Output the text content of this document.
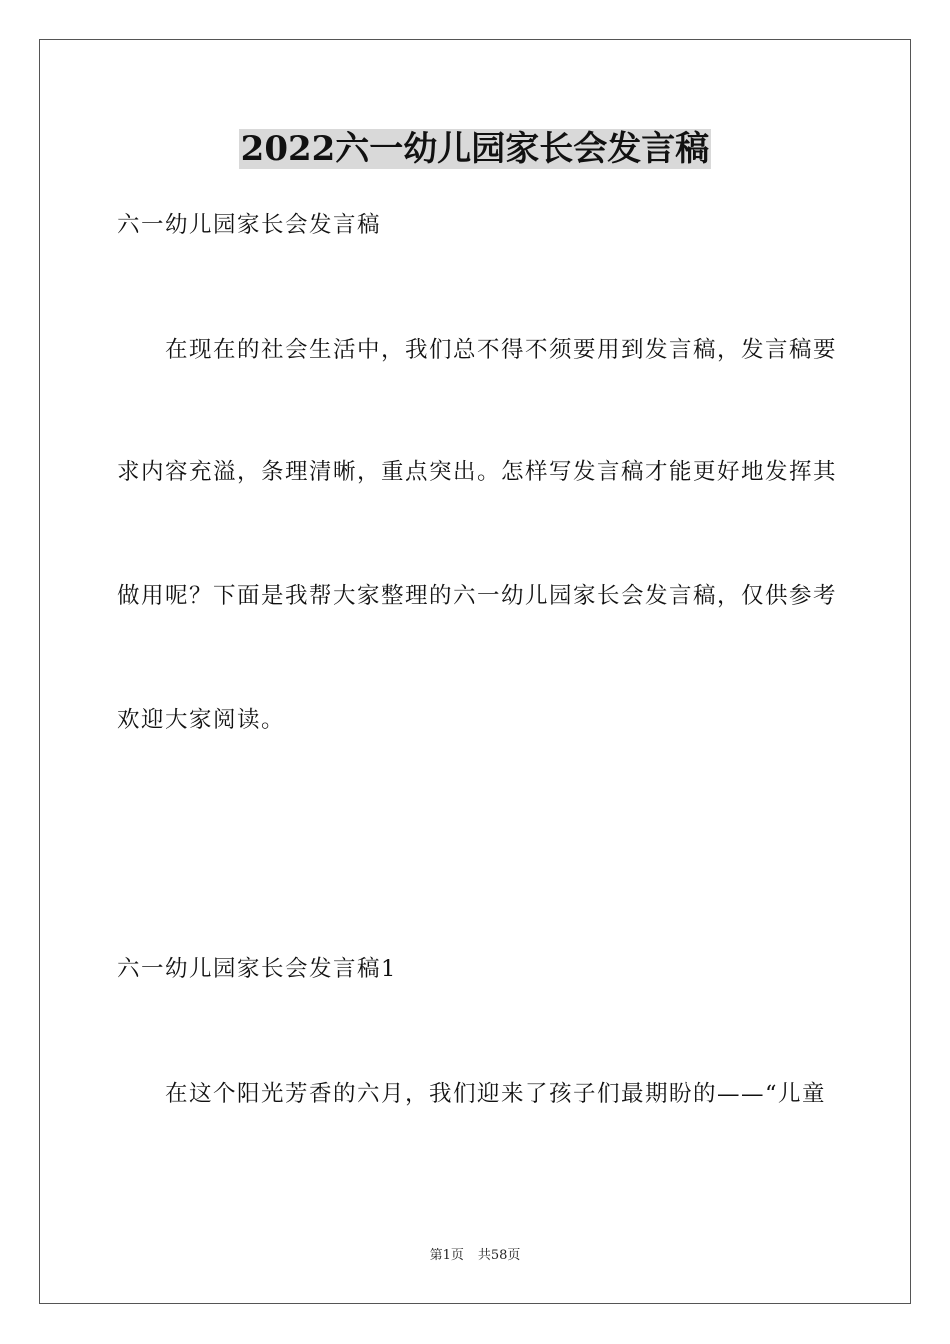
2022六一幼儿园家长会发言稿
六一幼儿园家长会发言稿
在现在的社会生活中，我们总不得不须要用到发言稿，发言稿要
求内容充溢，条理清晰，重点突出。怎样写发言稿才能更好地发挥其
做用呢？下面是我帮大家整理的六一幼儿园家长会发言稿，仅供参考
欢迎大家阅读。
六一幼儿园家长会发言稿1
在这个阳光芳香的六月，我们迎来了孩子们最期盼的——“儿童
第1页 共58页
